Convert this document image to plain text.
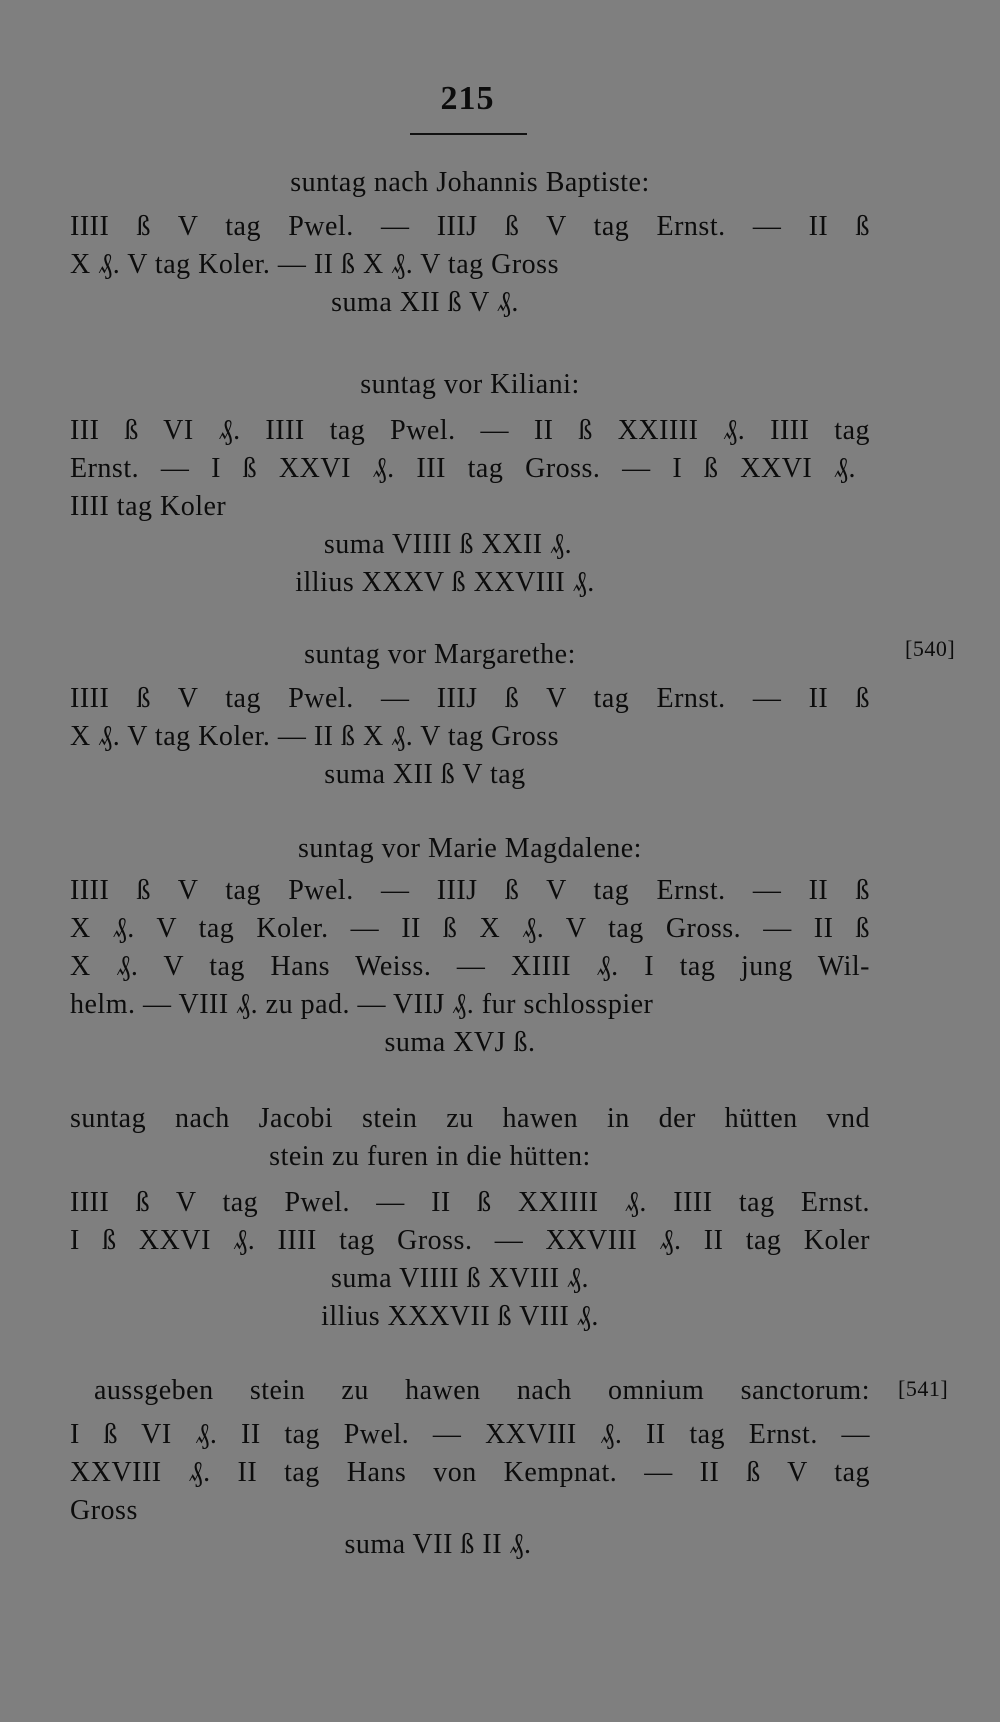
215
suntag nach Johannis Baptiste:
IIII ß V tag Pwel. — IIIJ ß V tag Ernst. — II ß
X ₰. V tag Koler. — II ß X ₰. V tag Gross
suma XII ß V ₰.
suntag vor Kiliani:
III ß VI ₰. IIII tag Pwel. — II ß XXIIII ₰. IIII tag
Ernst. — I ß XXVI ₰. III tag Gross. — I ß XXVI ₰.
IIII tag Koler
suma VIIII ß XXII ₰.
illius XXXV ß XXVIII ₰.
suntag vor Margarethe:
IIII ß V tag Pwel. — IIIJ ß V tag Ernst. — II ß
X ₰. V tag Koler. — II ß X ₰. V tag Gross
suma XII ß V tag
[540]
suntag vor Marie Magdalene:
IIII ß V tag Pwel. — IIIJ ß V tag Ernst. — II ß
X ₰. V tag Koler. — II ß X ₰. V tag Gross. — II ß
X ₰. V tag Hans Weiss. — XIIII ₰. I tag jung Wil-
helm. — VIII ₰. zu pad. — VIIJ ₰. fur schlosspier
suma XVJ ß.
suntag nach Jacobi stein zu hawen in der hütten vnd
stein zu furen in die hütten:
IIII ß V tag Pwel. — II ß XXIIII ₰. IIII tag Ernst.
I ß XXVI ₰. IIII tag Gross. — XXVIII ₰. II tag Koler
suma VIIII ß XVIII ₰.
illius XXXVII ß VIII ₰.
aussgeben stein zu hawen nach omnium sanctorum:
I ß VI ₰. II tag Pwel. — XXVIII ₰. II tag Ernst. —
XXVIII ₰. II tag Hans von Kempnat. — II ß V tag
Gross
suma VII ß II ₰.
[541]
